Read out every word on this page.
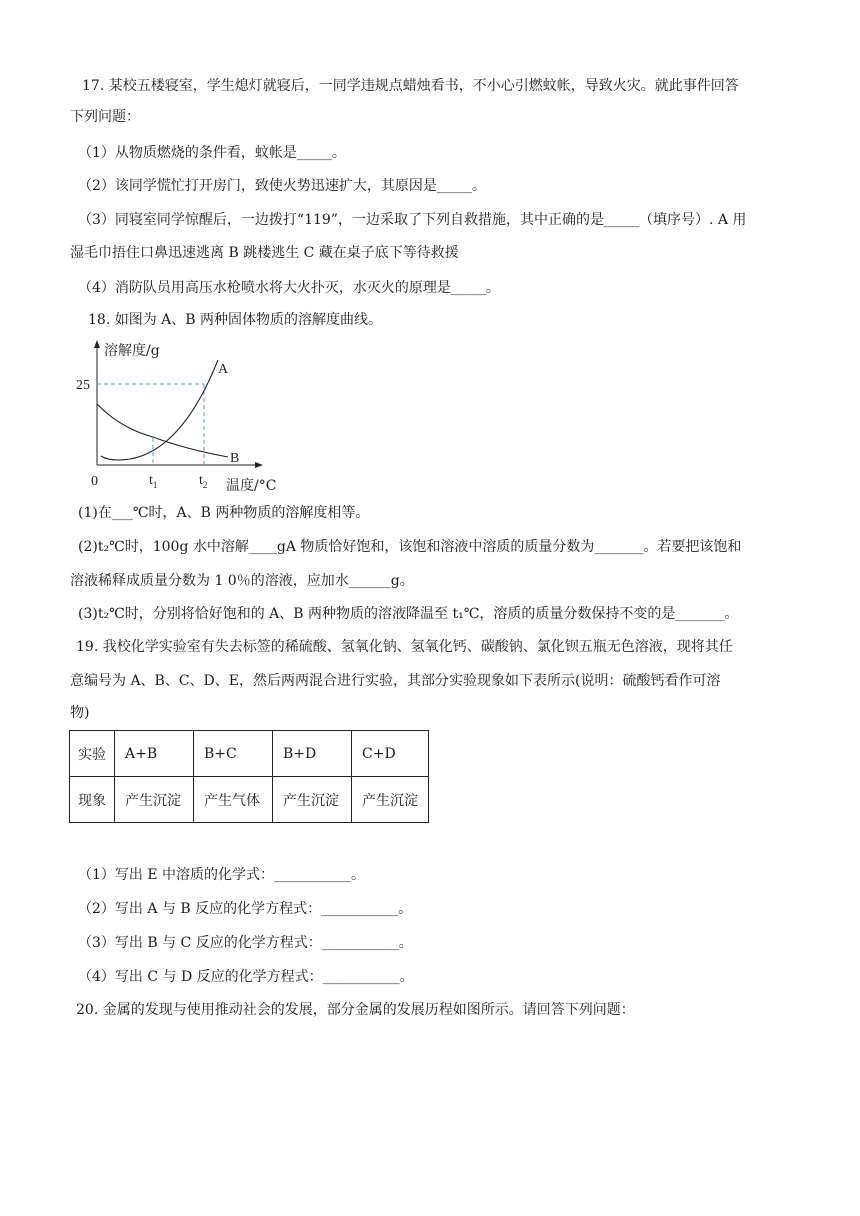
17. 某校五楼寝室，学生熄灯就寝后，一同学违规点蜡烛看书，不小心引燃蚊帐，导致火灾。就此事件回答
下列问题：
（1）从物质燃烧的条件看，蚊帐是_____。
（2）该同学慌忙打开房门，致使火势迅速扩大，其原因是_____。
（3）同寝室同学惊醒后，一边拨打“119”，一边采取了下列自救措施，其中正确的是_____（填序号）. A 用
湿毛巾捂住口鼻迅速逃离 B 跳楼逃生 C 藏在桌子底下等待救援
（4）消防队员用高压水枪喷水将大火扑灭，水灭火的原理是_____。
18. 如图为 A、B 两种固体物质的溶解度曲线。
溶解度/g
25
0	$t_1$	$t_2$ 温度/°C
A
B
(1)在___℃时，A、B 两种物质的溶解度相等。
(2)t₂℃时，100g 水中溶解____gA 物质恰好饱和，该饱和溶液中溶质的质量分数为_______。若要把该饱和
溶液稀释成质量分数为 1 0％的溶液，应加水______g。
(3)t₂℃时，分别将恰好饱和的 A、B 两种物质的溶液降温至 t₁℃，溶质的质量分数保持不变的是_______。
19. 我校化学实验室有失去标签的稀硫酸、氢氧化钠、氢氧化钙、碳酸钠、氯化钡五瓶无色溶液，现将其任
意编号为 A、B、C、D、E，然后两两混合进行实验，其部分实验现象如下表所示(说明：硫酸钙看作可溶
物)
实验	A+B	B+C	B+D	C+D
现象	产生沉淀	产生气体	产生沉淀	产生沉淀
（1）写出 E 中溶质的化学式：___________。
（2）写出 A 与 B 反应的化学方程式：___________。
（3）写出 B 与 C 反应的化学方程式：___________。
（4）写出 C 与 D 反应的化学方程式：___________。
20. 金属的发现与使用推动社会的发展，部分金属的发展历程如图所示。请回答下列问题：
